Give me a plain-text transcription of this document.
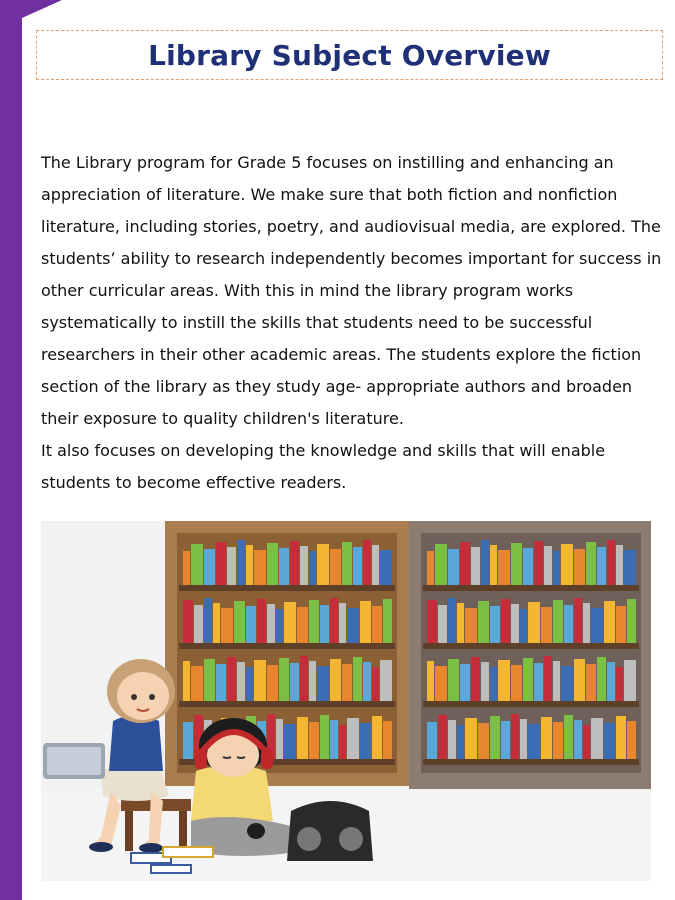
Library Subject Overview

The Library program for Grade 5 focuses on instilling and enhancing an appreciation of literature. We make sure that both fiction and nonfiction literature, including stories, poetry, and audiovisual media, are explored. The students’ ability to research independently becomes important for success in other curricular areas. With this in mind the library program works systematically to instill the skills that students need to be successful researchers in their other academic areas. The students explore the fiction section of the library as they study age- appropriate authors and broaden their exposure to quality children's literature.

It also focuses on developing the knowledge and skills that will enable students to become effective readers.
